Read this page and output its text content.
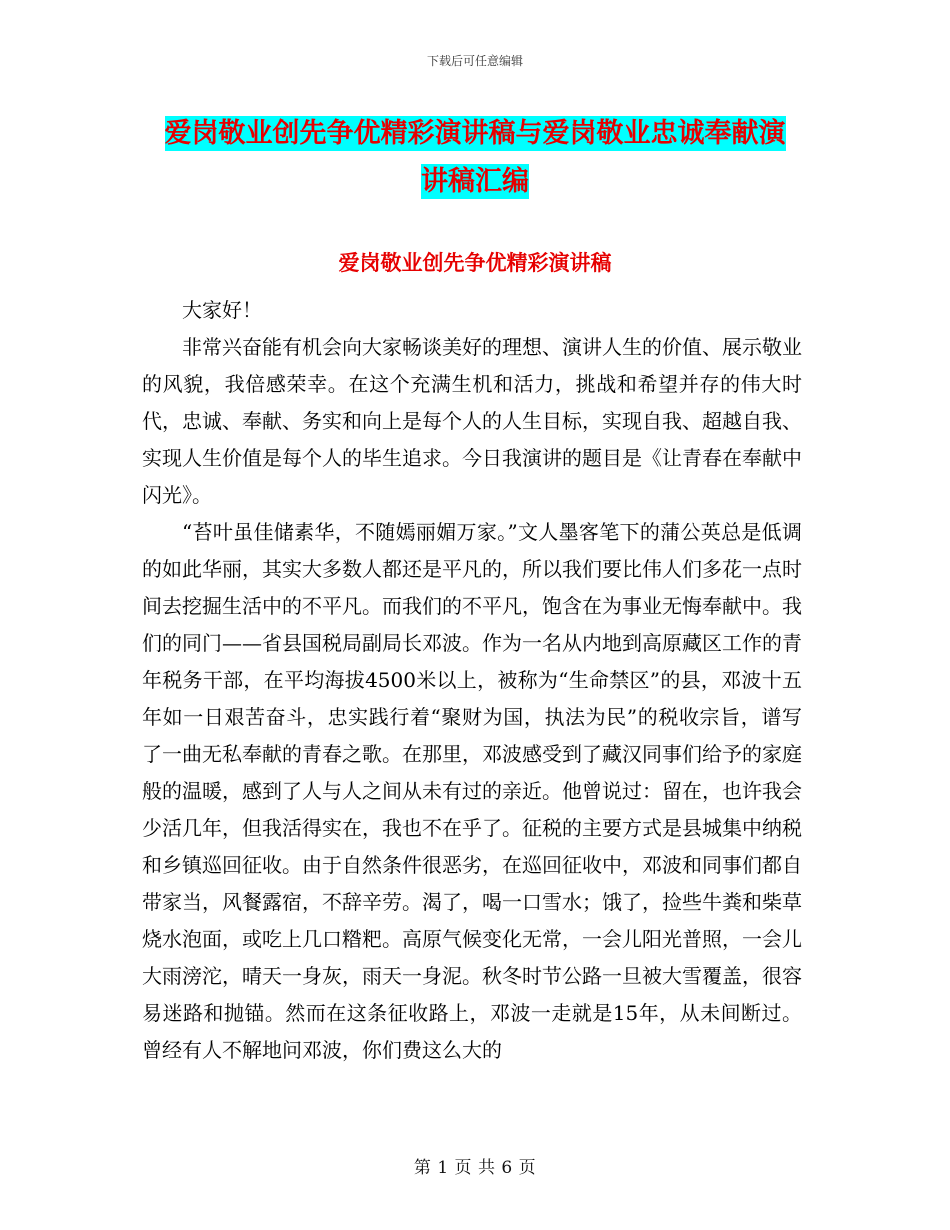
下载后可任意编辑
爱岗敬业创先争优精彩演讲稿与爱岗敬业忠诚奉献演
讲稿汇编
爱岗敬业创先争优精彩演讲稿

大家好！

非常兴奋能有机会向大家畅谈美好的理想、演讲人生的价值、展示敬业的风貌，我倍感荣幸。在这个充满生机和活力，挑战和希望并存的伟大时代，忠诚、奉献、务实和向上是每个人的人生目标，实现自我、超越自我、实现人生价值是每个人的毕生追求。今日我演讲的题目是《让青春在奉献中闪光》。

“苔叶虽佳储素华，不随嫣丽媚万家。”文人墨客笔下的蒲公英总是低调的如此华丽，其实大多数人都还是平凡的，所以我们要比伟人们多花一点时间去挖掘生活中的不平凡。而我们的不平凡，饱含在为事业无悔奉献中。我们的同门——省县国税局副局长邓波。作为一名从内地到高原藏区工作的青年税务干部，在平均海拔4500米以上，被称为“生命禁区”的县，邓波十五年如一日艰苦奋斗，忠实践行着“聚财为国，执法为民”的税收宗旨，谱写了一曲无私奉献的青春之歌。在那里，邓波感受到了藏汉同事们给予的家庭般的温暖，感到了人与人之间从未有过的亲近。他曾说过：留在，也许我会少活几年，但我活得实在，我也不在乎了。征税的主要方式是县城集中纳税和乡镇巡回征收。由于自然条件很恶劣，在巡回征收中，邓波和同事们都自带家当，风餐露宿，不辞辛劳。渴了，喝一口雪水；饿了，捡些牛粪和柴草烧水泡面，或吃上几口糌粑。高原气候变化无常，一会儿阳光普照，一会儿大雨滂沱，晴天一身灰，雨天一身泥。秋冬时节公路一旦被大雪覆盖，很容易迷路和抛锚。然而在这条征收路上，邓波一走就是15年，从未间断过。曾经有人不解地问邓波，你们费这么大的

第 1 页 共 6 页
